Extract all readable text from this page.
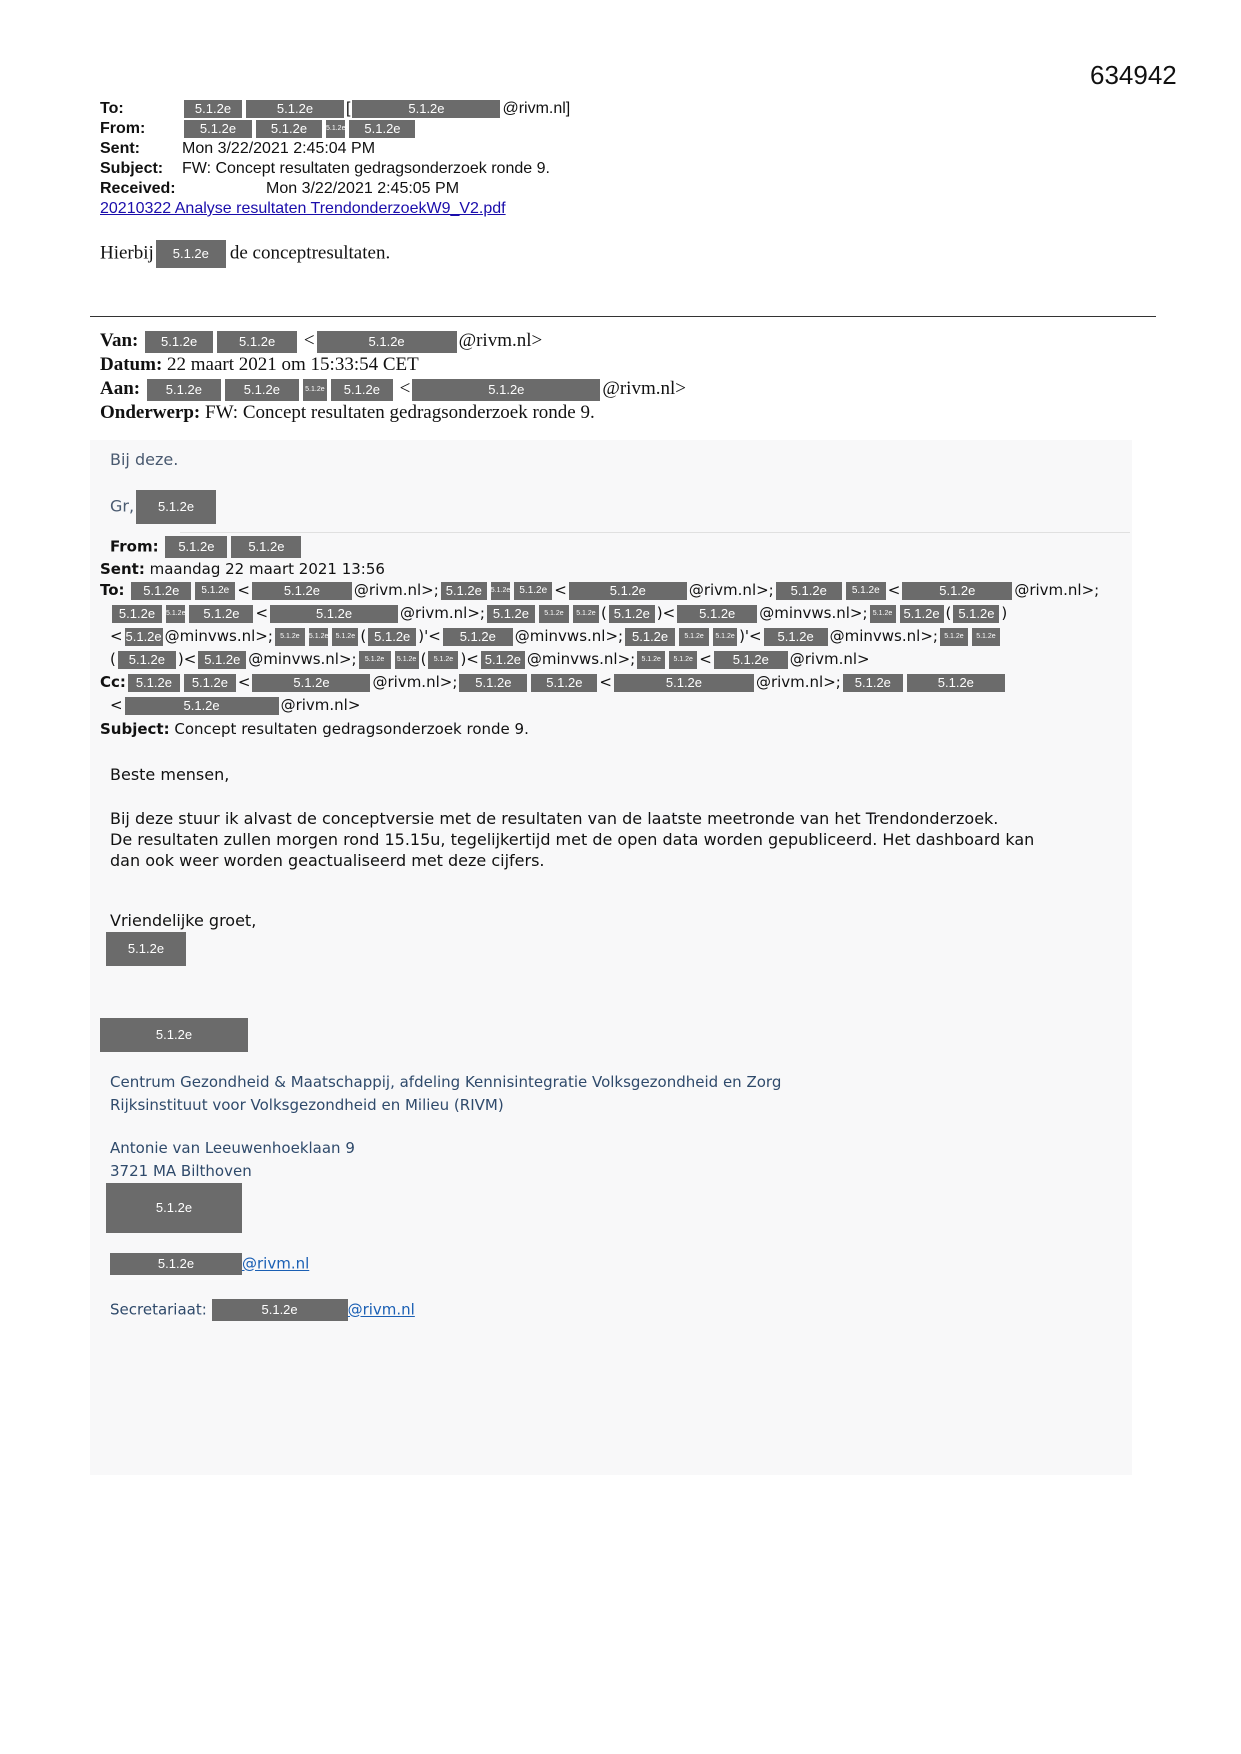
634942
To:	5.1.2e	5.1.2e [	5.1.2e	@rivm.nl]
From:	5.1.2e	5.1.2e	5.1.2e 5.1.2e
Sent:	Mon 3/22/2021 2:45:04 PM
Subject: FW: Concept resultaten gedragsonderzoek ronde 9.
Received:	Mon 3/22/2021 2:45:05 PM
20210322 Analyse resultaten TrendonderzoekW9_V2.pdf
Hierbij 5.1.2e de conceptresultaten.
Van: 5.1.2e	5.1.2e <	5.1.2e	@rivm.nl>
Datum: 22 maart 2021 om 15:33:54 CET
Aan: 5.1.2e	5.1.2e	5.1.2e 5.1.2e <	5.1.2e	@rivm.nl>
Onderwerp: FW: Concept resultaten gedragsonderzoek ronde 9.
Bij deze.
Gr, 5.1.2e
From: 5.1.2e	5.1.2e
Sent: maandag 22 maart 2021 13:56
To: 5.1.2e 5.1.2e <	5.1.2e @rivm.nl>; 5.1.2e 5.1.2e 5.1.2e <	5.1.2e	@rivm.nl>; 5.1.2e	5.1.2e <	5.1.2e	@rivm.nl>;
5.1.2e 5.1.2e 5.1.2e <	5.1.2e	@rivm.nl>; 5.1.2e 5.1.2e 5.1.2e ( 5.1.2e )< 5.1.2e @minvws.nl>; 5.1.2e 5.1.2e ( 5.1.2e )
< 5.1.2e @minvws.nl>; 5.1.2e 5.1.2e 5.1.2e ( 5.1.2e )'< 5.1.2e @minvws.nl>; 5.1.2e 5.1.2e 5.1.2e )'< 5.1.2e @minvws.nl>; 5.1.2e 5.1.2e
( 5.1.2e )< 5.1.2e @minvws.nl>; 5.1.2e 5.1.2e ( 5.1.2e )< 5.1.2e @minvws.nl>; 5.1.2e 5.1.2e < 5.1.2e @rivm.nl>
Cc: 5.1.2e 5.1.2e <	5.1.2e	@rivm.nl>; 5.1.2e	5.1.2e <	5.1.2e	@rivm.nl>; 5.1.2e	5.1.2e
<	5.1.2e	@rivm.nl>
Subject: Concept resultaten gedragsonderzoek ronde 9.
Beste mensen,
Bij deze stuur ik alvast de conceptversie met de resultaten van de laatste meetronde van het Trendonderzoek.
De resultaten zullen morgen rond 15.15u, tegelijkertijd met de open data worden gepubliceerd. Het dashboard kan
dan ook weer worden geactualiseerd met deze cijfers.
Vriendelijke groet,
5.1.2e
5.1.2e
Centrum Gezondheid & Maatschappij, afdeling Kennisintegratie Volksgezondheid en Zorg
Rijksinstituut voor Volksgezondheid en Milieu (RIVM)
Antonie van Leeuwenhoeklaan 9
3721 MA Bilthoven
5.1.2e
5.1.2e	@rivm.nl
Secretariaat:	5.1.2e	@rivm.nl
